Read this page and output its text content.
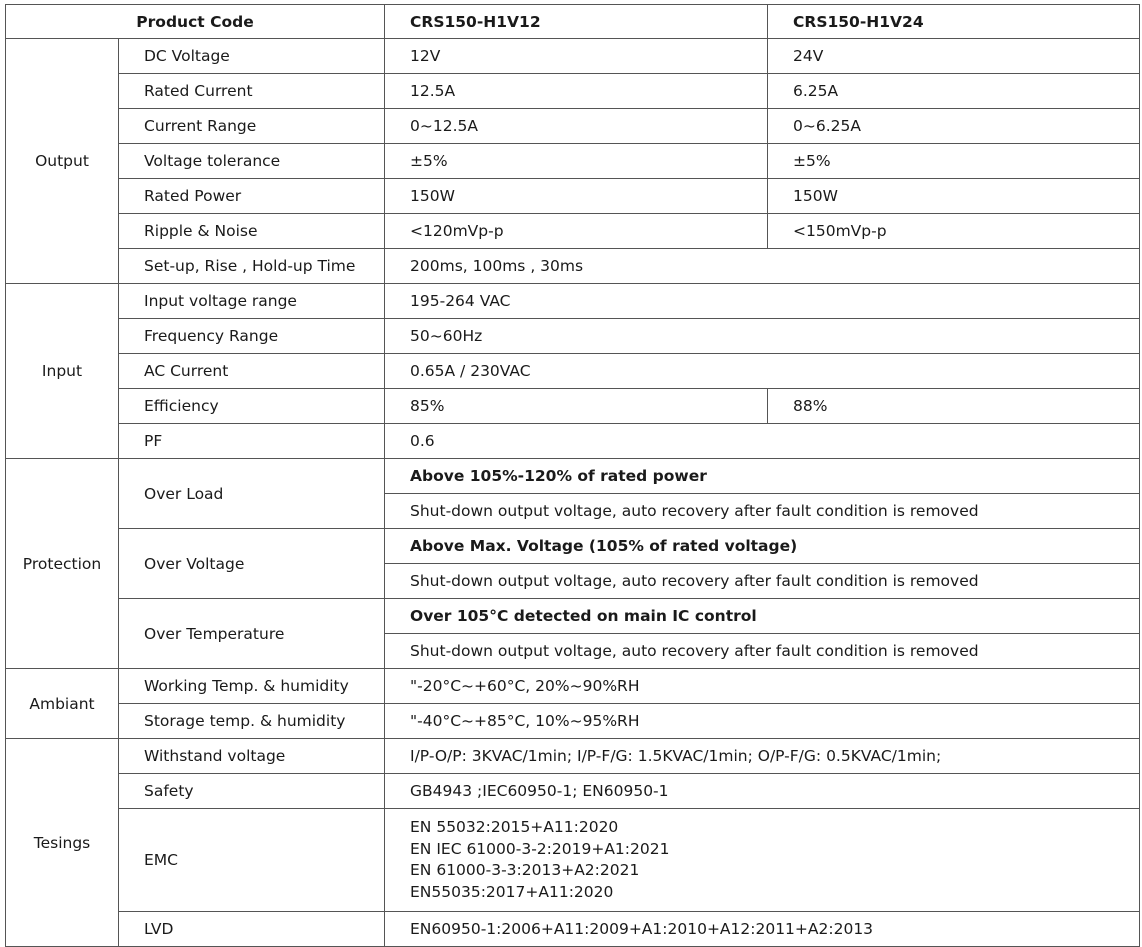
Product Code		CRS150-H1V12	CRS150-H1V24
Output	DC Voltage	12V	24V
	Rated Current	12.5A	6.25A
	Current Range	0~12.5A	0~6.25A
	Voltage tolerance	±5%	±5%
	Rated Power	150W	150W
	Ripple & Noise	<120mVp-p	<150mVp-p
	Set-up, Rise , Hold-up Time	200ms, 100ms , 30ms	
Input	Input voltage range	195-264 VAC	
	Frequency Range	50~60Hz	
	AC Current	0.65A / 230VAC	
	Efficiency	85%	88%
	PF	0.6	
Protection	Over Load	Above 105%-120% of rated power	
		Shut-down output voltage, auto recovery after fault condition is removed	
	Over Voltage	Above Max. Voltage (105% of rated voltage)	
		Shut-down output voltage, auto recovery after fault condition is removed	
	Over Temperature	Over 105°C detected on main IC control	
		Shut-down output voltage, auto recovery after fault condition is removed	
Ambiant	Working Temp. & humidity	"-20°C~+60°C, 20%~90%RH	
	Storage temp. & humidity	"-40°C~+85°C, 10%~95%RH	
Tesings	Withstand voltage	I/P-O/P: 3KVAC/1min; I/P-F/G: 1.5KVAC/1min; O/P-F/G: 0.5KVAC/1min;	
	Safety	GB4943 ;IEC60950-1; EN60950-1	
	EMC	EN 55032:2015+A11:2020
EN IEC 61000-3-2:2019+A1:2021
EN 61000-3-3:2013+A2:2021
EN55035:2017+A11:2020	
	LVD	EN60950-1:2006+A11:2009+A1:2010+A12:2011+A2:2013	
